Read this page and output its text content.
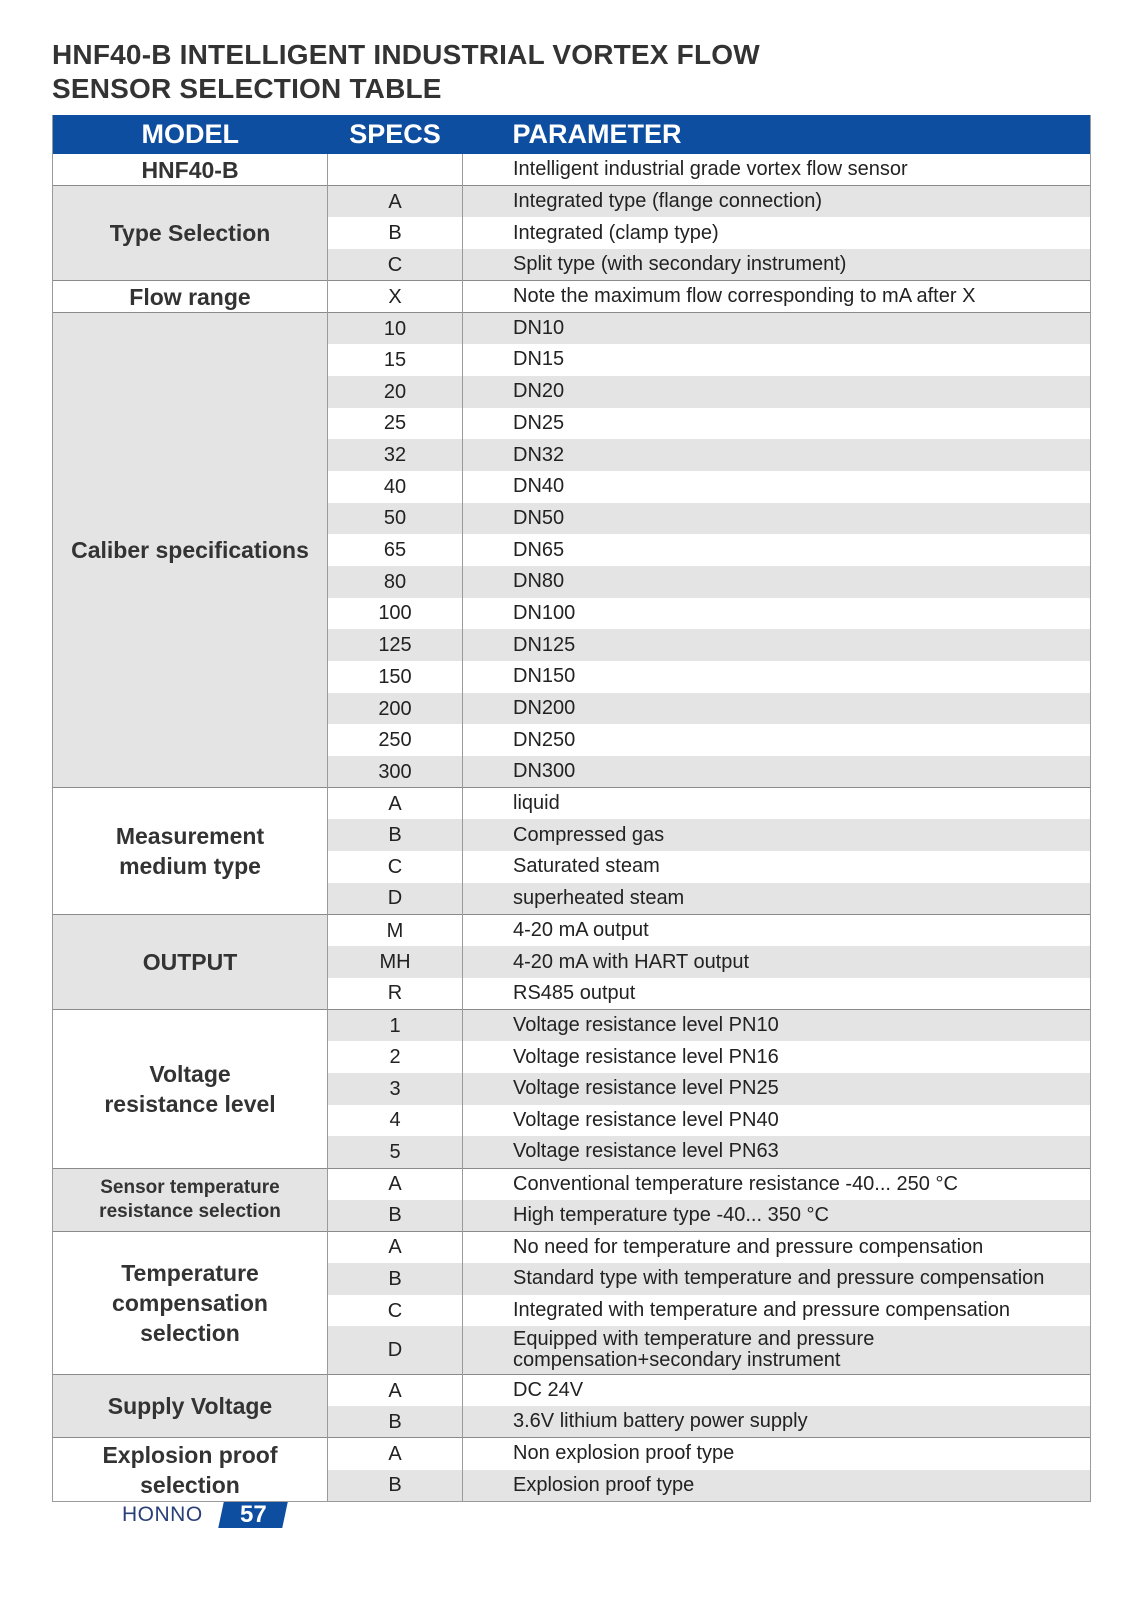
HNF40-B INTELLIGENT INDUSTRIAL VORTEX FLOW
SENSOR SELECTION TABLE
MODEL	SPECS	PARAMETER

HNF40-B		Intelligent industrial grade vortex flow sensor

Type Selection	A	Integrated type (flange connection)

	B	Integrated (clamp type)

	C	Split type (with secondary instrument)

Flow range	X	Note the maximum flow corresponding to mA after X

Caliber specifications	10	DN10

	15	DN15

	20	DN20

	25	DN25

	32	DN32

	40	DN40

	50	DN50

	65	DN65

	80	DN80

	100	DN100

	125	DN125

	150	DN150

	200	DN200

	250	DN250

	300	DN300

Measurement
medium type	A	liquid

	B	Compressed gas

	C	Saturated steam

	D	superheated steam

OUTPUT	M	4-20 mA output

	MH	4-20 mA with HART output

	R	RS485 output

Voltage
resistance level	1	Voltage resistance level PN10

	2	Voltage resistance level PN16

	3	Voltage resistance level PN25

	4	Voltage resistance level PN40

	5	Voltage resistance level PN63

Sensor temperature
resistance selection	A	Conventional temperature resistance -40... 250 °C

	B	High temperature type -40... 350 °C

Temperature
compensation
selection	A	No need for temperature and pressure compensation

	B	Standard type with temperature and pressure compensation

	C	Integrated with temperature and pressure compensation

	D	Equipped with temperature and pressure compensation+secondary instrument

Supply Voltage	A	DC 24V

	B	3.6V lithium battery power supply

Explosion proof
selection	A	Non explosion proof type

	B	Explosion proof type
HONNO 57
